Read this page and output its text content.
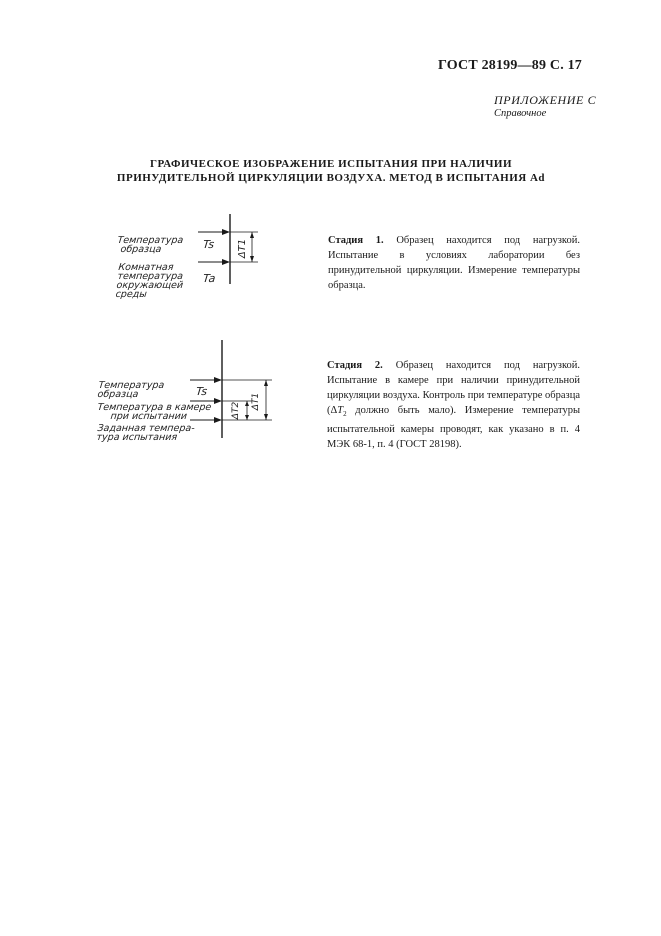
ГОСТ 28199—89 С. 17
ПРИЛОЖЕНИЕ С
Справочное
ГРАФИЧЕСКОЕ ИЗОБРАЖЕНИЕ ИСПЫТАНИЯ ПРИ НАЛИЧИИ
ПРИНУДИТЕЛЬНОЙ ЦИРКУЛЯЦИИ ВОЗДУХА. МЕТОД В ИСПЫТАНИЯ Ad
Температура
образца
Комнатная
температура
окружающей
среды
Ts
Ta
ΔT1	Стадия 1. Образец находится под нагрузкой. Испытание в условиях лаборатории без принудительной циркуляции. Измерение температуры образца.
Температура
образца
Температура в камере
при испытании
Заданная темпера-
тура испытания
Ts
ΔT2
ΔT1
Стадия 2. Образец находится под нагрузкой. Испытание в камере при наличии принудительной циркуляции воздуха. Контроль при температуре образца ($\Delta T_2$ должно быть мало). Измерение температуры испытательной камеры проводят, как указано в п. 4 МЭК 68-1, п. 4 (ГОСТ 28198).
